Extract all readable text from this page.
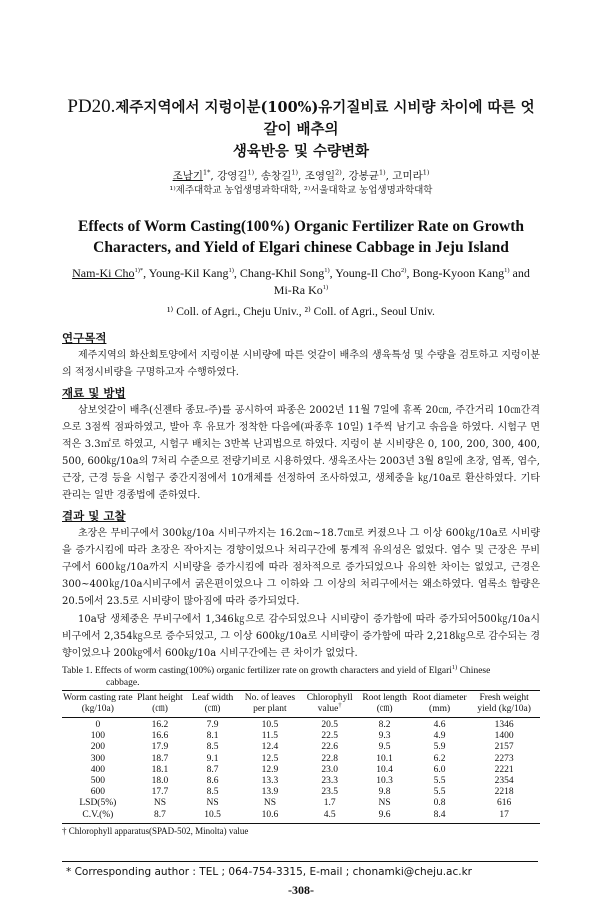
PD20.제주지역에서 지렁이분(100%)유기질비료 시비량 차이에 따른 엇갈이 배추의
생육반응 및 수량변화
조남기$^{1*}$, 강영길$^{1)}$, 송창길$^{1)}$, 조영일$^{2)}$, 강봉균$^{1)}$, 고미라$^{1)}$
¹⁾제주대학교 농업생명과학대학, ²⁾서울대학교 농업생명과학대학
Effects of Worm Casting(100%) Organic Fertilizer Rate on Growth
Characters, and Yield of Elgari chinese Cabbage in Jeju Island
Nam-Ki Cho$^{1)*}$, Young-Kil Kang$^{1)}$, Chang-Khil Song$^{1)}$, Young-Il Cho$^{2)}$, Bong-Kyoon Kang$^{1)}$ and Mi-Ra Ko$^{1)}$
¹⁾ Coll. of Agri., Cheju Univ., ²⁾ Coll. of Agri., Seoul Univ.
연구목적

제주지역의 화산회토양에서 지렁이분 시비량에 따른 엇갈이 배추의 생육특성 및 수량을 검토하고 지렁이분의 적정시비량을 구명하고자 수행하였다.

재료 및 방법

삼보엇갈이 배추(신젠타 종묘-주)를 공시하여 파종은 2002년 11월 7일에 휴폭 20㎝, 주간거리 10㎝간격으로 3점씩 점파하였고, 발아 후 유묘가 정착한 다음에(파종후 10일) 1주씩 남기고 솎음을 하였다. 시험구 면적은 3.3㎡로 하였고, 시험구 배치는 3반복 난괴법으로 하였다. 지렁이 분 시비량은 0, 100, 200, 300, 400, 500, 600㎏/10a의 7처리 수준으로 전량기비로 시용하였다. 생육조사는 2003년 3월 8일에 초장, 엽폭, 엽수, 근장, 근경 등을 시험구 중간지점에서 10개체를 선정하여 조사하였고, 생체중을 ㎏/10a로 환산하였다. 기타 관리는 일반 경종법에 준하였다.

결과 및 고찰

초장은 무비구에서 300㎏/10a 시비구까지는 16.2㎝~18.7㎝로 커졌으나 그 이상 600㎏/10a로 시비량을 증가시킴에 따라 초장은 작아지는 경향이었으나 처리구간에 통계적 유의성은 없었다. 엽수 및 근장은 무비구에서 600㎏/10a까지 시비량을 증가시킴에 따라 점차적으로 증가되었으나 유의한 차이는 없었고, 근경은 300~400㎏/10a시비구에서 굵은편이었으나 그 이하와 그 이상의 처리구에서는 왜소하였다. 엽록소 함량은 20.5에서 23.5로 시비량이 많아짐에 따라 증가되었다.

10a당 생체중은 무비구에서 1,346㎏으로 감수되었으나 시비량이 증가함에 따라 증가되어500㎏/10a시비구에서 2,354㎏으로 증수되었고, 그 이상 600㎏/10a로 시비량이 증가함에 따라 2,218㎏으로 감수되는 경향이었으나 200㎏에서 600㎏/10a 시비구간에는 큰 차이가 없었다.

Table 1. Effects of worm casting(100%) organic fertilizer rate on growth characters and yield of Elgari$^{1)}$ Chinese
cabbage.
Worm casting rate (kg/10a)	Plant height (㎝)	Leaf width (㎝)	No. of leaves per plant	Chlorophyll value†	Root length (㎝)	Root diameter (mm)	Fresh weight yield (kg/10a)
0	16.2	7.9	10.5	20.5	8.2	4.6	1346
100	16.6	8.1	11.5	22.5	9.3	4.9	1400
200	17.9	8.5	12.4	22.6	9.5	5.9	2157
300	18.7	9.1	12.5	22.8	10.1	6.2	2273
400	18.1	8.7	12.9	23.0	10.4	6.0	2221
500	18.0	8.6	13.3	23.3	10.3	5.5	2354
600	17.7	8.5	13.9	23.5	9.8	5.5	2218
LSD(5%)	NS	NS	NS	1.7	NS	0.8	616
C.V.(%)	8.7	10.5	10.6	4.5	9.6	8.4	17
† Chlorophyll apparatus(SPAD-502, Minolta) value
* Corresponding author : TEL ; 064-754-3315, E-mail ; chonamki@cheju.ac.kr
-308-
